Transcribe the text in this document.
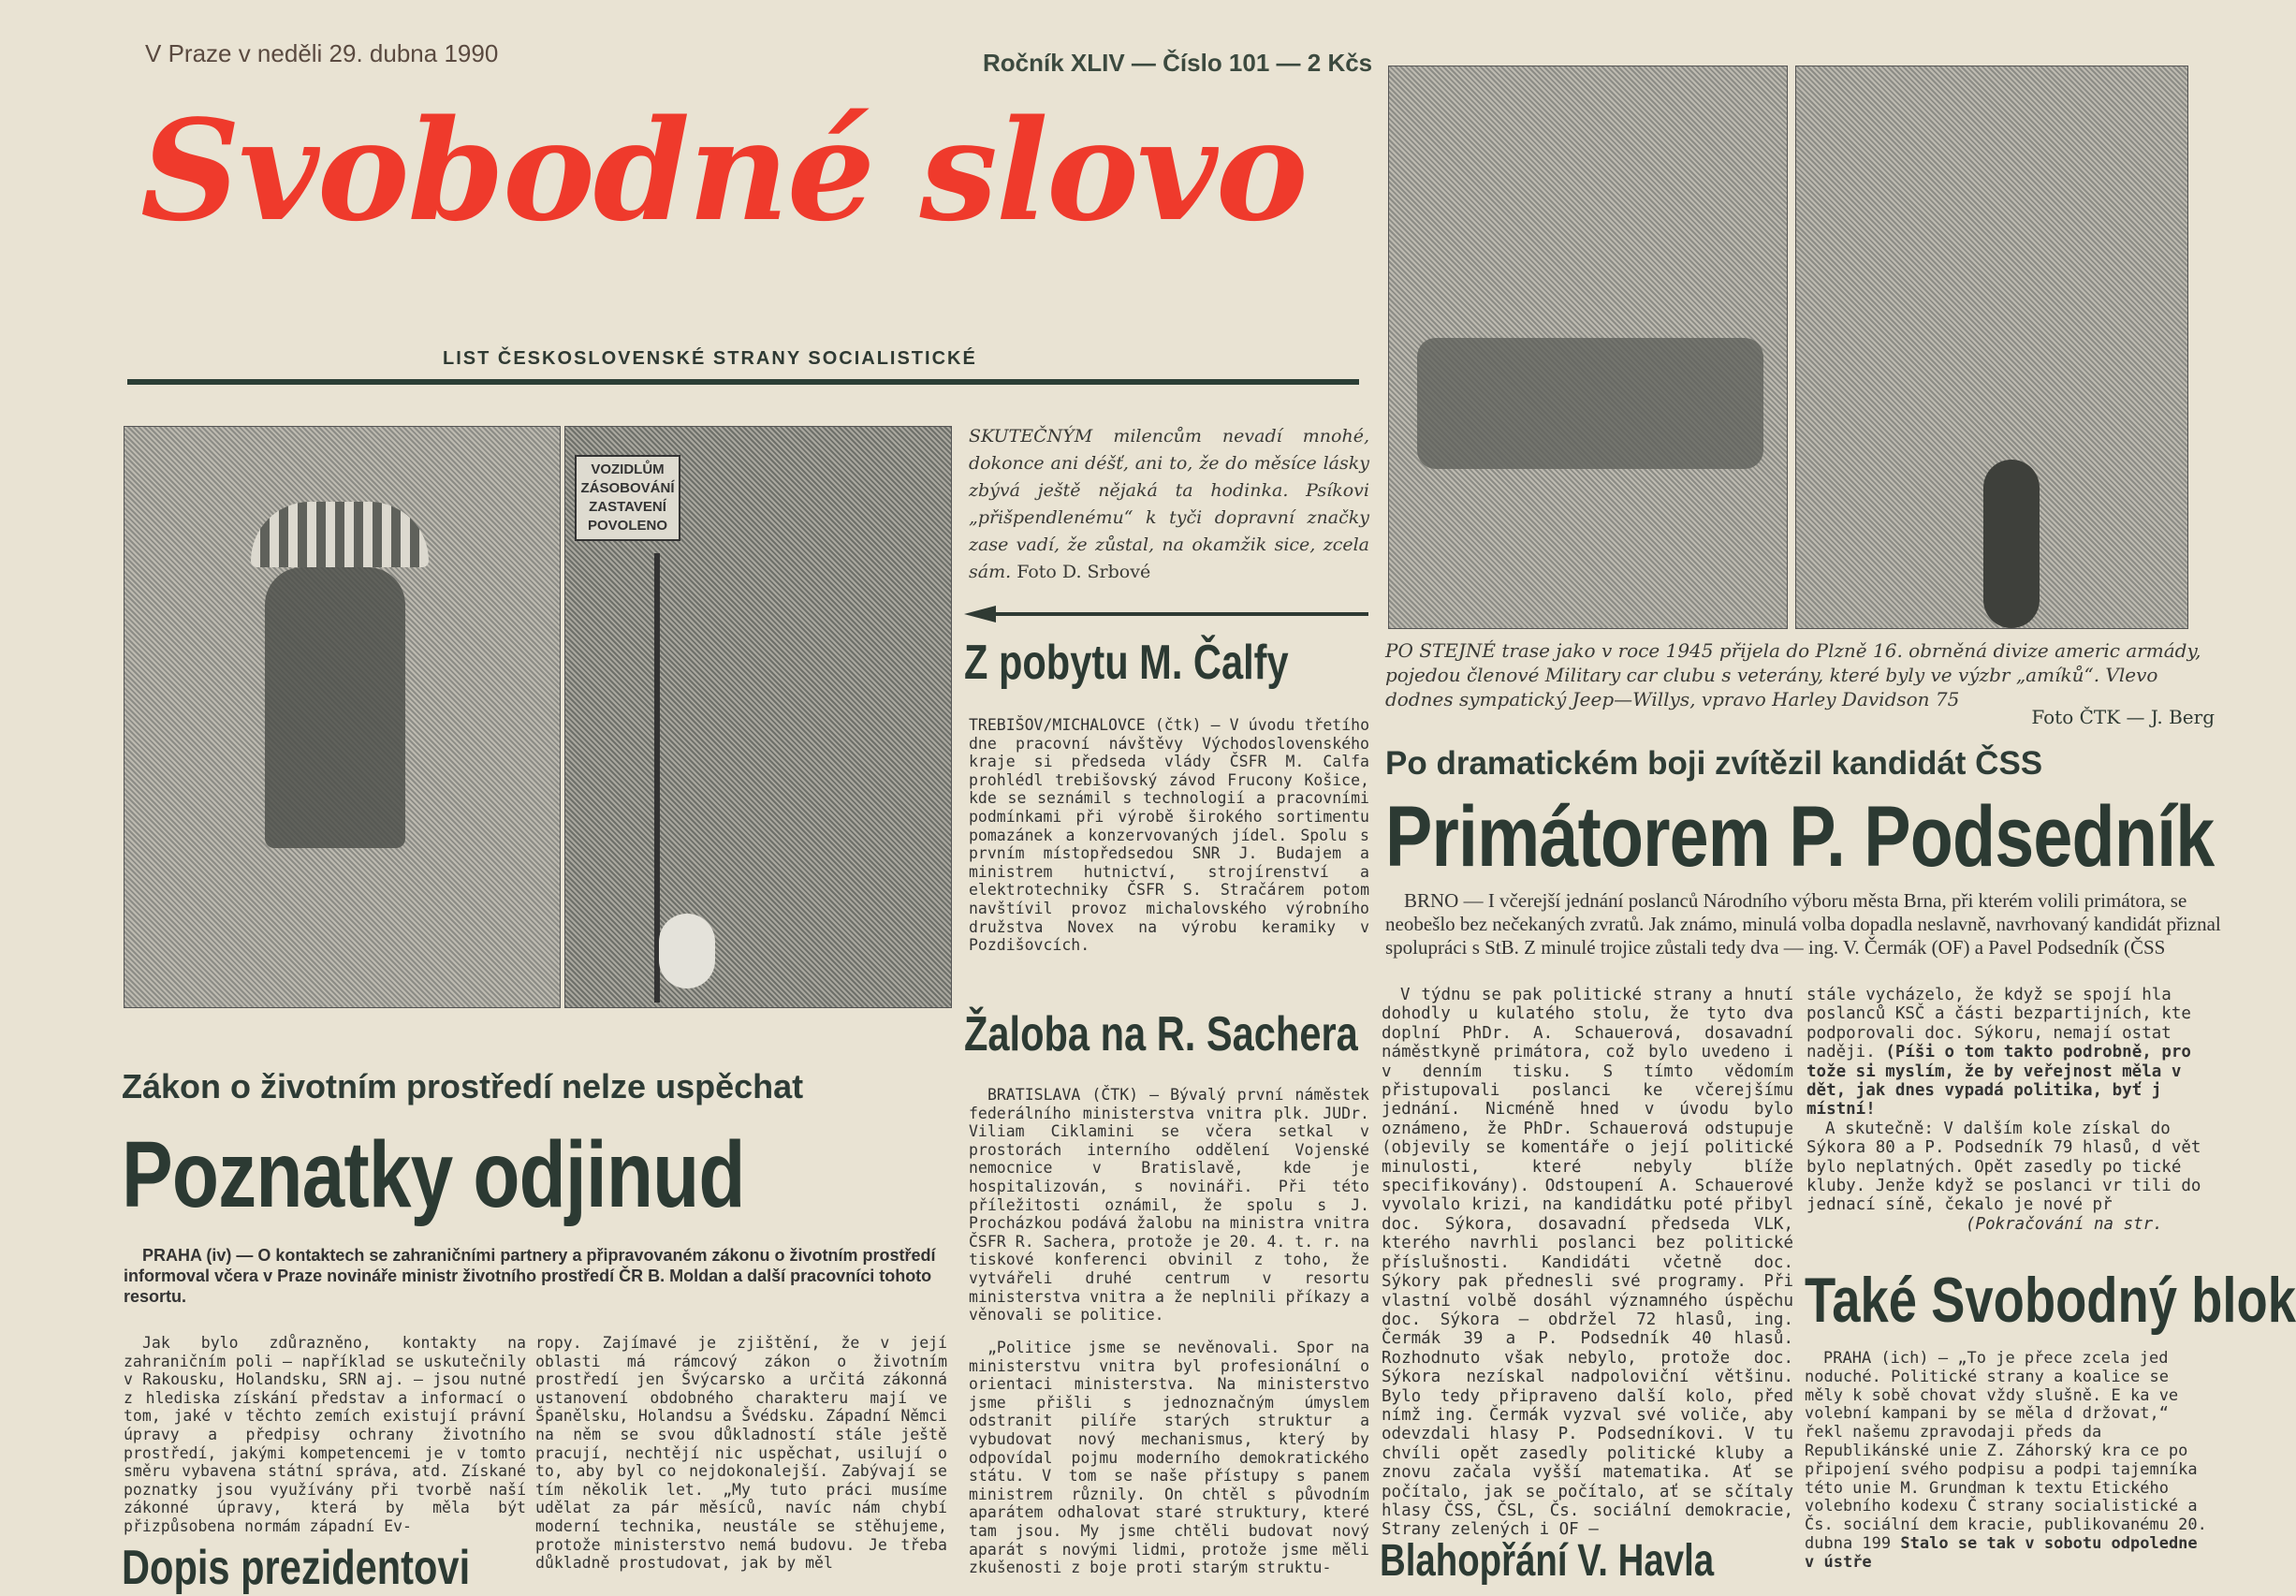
V Praze v neděli 29. dubna 1990	Ročník XLIV — Číslo 101 — 2 Kčs
Svobodné slovo
LIST ČESKOSLOVENSKÉ STRANY SOCIALISTICKÉ
VOZIDLŮM
ZÁSOBOVÁNÍ
ZASTAVENÍ
POVOLENO
SKUTEČNÝM milencům nevadí mnohé, dokonce ani déšť, ani to, že do měsíce lásky zbývá ještě nějaká ta hodinka. Psíkovi „přišpendlenému“ k tyči dopravní značky zase vadí, že zůstal, na okamžik sice, zcela sám. Foto D. Srbové
Z pobytu M. Čalfy
TREBIŠOV/MICHALOVCE (čtk) — V úvodu třetího dne pracovní návštěvy Východoslovenského kraje si předseda vlády ČSFR M. Calfa prohlédl trebišovský závod Frucony Košice, kde se seznámil s technologií a pracovními podmínkami při výrobě širokého sortimentu pomazánek a konzervovaných jídel. Spolu s prvním místopředsedou SNR J. Budajem a ministrem hutnictví, strojírenství a elektrotechniky ČSFR S. Stračárem potom navštívil provoz michalovského výrobního družstva Novex na výrobu keramiky v Pozdišovcích.
Žaloba na R. Sachera
BRATISLAVA (ČTK) — Bývalý první náměstek federálního ministerstva vnitra plk. JUDr. Viliam Ciklamini se včera setkal v prostorách interního oddělení Vojenské nemocnice v Bratislavě, kde je hospitalizován, s novináři. Při této příležitosti oznámil, že spolu s J. Procházkou podává žalobu na ministra vnitra ČSFR R. Sachera, protože je 20. 4. t. r. na tiskové konferenci obvinil z toho, že vytvářeli druhé centrum v resortu ministerstva vnitra a že neplnili příkazy a věnovali se politice.
„Politice jsme se nevěnovali. Spor na ministerstvu vnitra byl profesionální o orientaci ministerstva. Na ministerstvo jsme přišli s jednoznačným úmyslem odstranit pilíře starých struktur a vybudovat nový mechanismus, který by odpovídal pojmu moderního demokratického státu. V tom se naše přístupy s panem ministrem různily. On chtěl s původním aparátem odhalovat staré struktury, které tam jsou. My jsme chtěli budovat nový aparát s novými lidmi, protože jsme měli zkušenosti z boje proti starým struktu-
Zákon o životním prostředí nelze uspěchat
Poznatky odjinud
PRAHA (iv) — O kontaktech se zahraničními partnery a připravovaném zákonu o životním prostředí informoval včera v Praze novináře ministr životního prostředí ČR B. Moldan a další pracovníci tohoto resortu.
Jak bylo zdůrazněno, kontakty na zahraničním poli — například se uskutečnily v Rakousku, Holandsku, SRN aj. — jsou nutné z hlediska získání představ a informací o tom, jaké v těchto zemích existují právní úpravy a předpisy ochrany životního prostředí, jakými kompetencemi je v tomto směru vybavena státní správa, atd. Získané poznatky jsou využívány při tvorbě naší zákonné úpravy, která by měla být přizpůsobena normám západní Ev-
ropy. Zajímavé je zjištění, že v její oblasti má rámcový zákon o životním prostředí jen Švýcarsko a určitá zákonná ustanovení obdobného charakteru mají ve Španělsku, Holandsu a Švédsku. Západní Němci na něm se svou důkladností stále ještě pracují, nechtějí nic uspěchat, usilují o to, aby byl co nejdokonalejší. Zabývají se tím několik let. „My tuto práci musíme udělat za pár měsíců, navíc nám chybí moderní technika, neustále se stěhujeme, protože ministerstvo nemá budovu. Je třeba důkladně prostudovat, jak by měl
Dopis prezidentovi
PO STEJNÉ trase jako v roce 1945 přijela do Plzně 16. obrněná divize americ armády, pojedou členové Military car clubu s veterány, které byly ve výzbr „amíků“. Vlevo dodnes sympatický Jeep—Willys, vpravo Harley Davidson 75
Foto ČTK — J. Berg
Po dramatickém boji zvítězil kandidát ČSS
Primátorem P. Podsedník
BRNO — I včerejší jednání poslanců Národního výboru města Brna, při kterém volili primátora, se neobešlo bez nečekaných zvratů. Jak známo, minulá volba dopadla neslavně, navrhovaný kandidát přiznal spolupráci s StB. Z minulé trojice zůstali tedy dva — ing. V. Čermák (OF) a Pavel Podsedník (ČSS
V týdnu se pak politické strany a hnutí dohodly u kulatého stolu, že tyto dva doplní PhDr. A. Schauerová, dosavadní náměstkyně primátora, což bylo uvedeno i v denním tisku. S tímto vědomím přistupovali poslanci ke včerejšímu jednání. Nicméně hned v úvodu bylo oznámeno, že PhDr. Schauerová odstupuje (objevily se komentáře o její politické minulosti, které nebyly blíže specifikovány). Odstoupení A. Schauerové vyvolalo krizi, na kandidátku poté přibyl doc. Sýkora, dosavadní předseda VLK, kterého navrhli poslanci bez politické příslušnosti. Kandidáti včetně doc. Sýkory pak přednesli své programy. Při vlastní volbě dosáhl významného úspěchu doc. Sýkora — obdržel 72 hlasů, ing. Čermák 39 a P. Podsedník 40 hlasů. Rozhodnuto však nebylo, protože doc. Sýkora nezískal nadpoloviční většinu. Bylo tedy připraveno další kolo, před nímž ing. Čermák vyzval své voliče, aby odevzdali hlasy P. Podsedníkovi. V tu chvíli opět zasedly politické kluby a znovu začala vyšší matematika. Ať se počítalo, jak se počítalo, ať se sčítaly hlasy ČSS, ČSL, Čs. sociální demokracie, Strany zelených i OF —
stále vycházelo, že když se spojí hla poslanců KSČ a části bezpartijních, kte podporovali doc. Sýkoru, nemají ostat naději. (Píši o tom takto podrobně, pro tože si myslím, že by veřejnost měla v dět, jak dnes vypadá politika, byť j místní!
A skutečně: V dalším kole získal do Sýkora 80 a P. Podsedník 79 hlasů, d vět bylo neplatných. Opět zasedly po tické kluby. Jenže když se poslanci vr tili do jednací síně, čekalo je nové př
(Pokračování na str.
Blahopřání V. Havla
Také Svobodný blok
PRAHA (ich) — „To je přece zcela jed noduché. Politické strany a koalice se měly k sobě chovat vždy slušně. E ka ve volební kampani by se měla d držovat,“ řekl našemu zpravodaji předs da Republikánské unie Z. Záhorský kra ce po připojení svého podpisu a podpi tajemníka této unie M. Grundman k textu Etického volebního kodexu Č strany socialistické a Čs. sociální dem kracie, publikovanému 20. dubna 199 Stalo se tak v sobotu odpoledne v ústře
